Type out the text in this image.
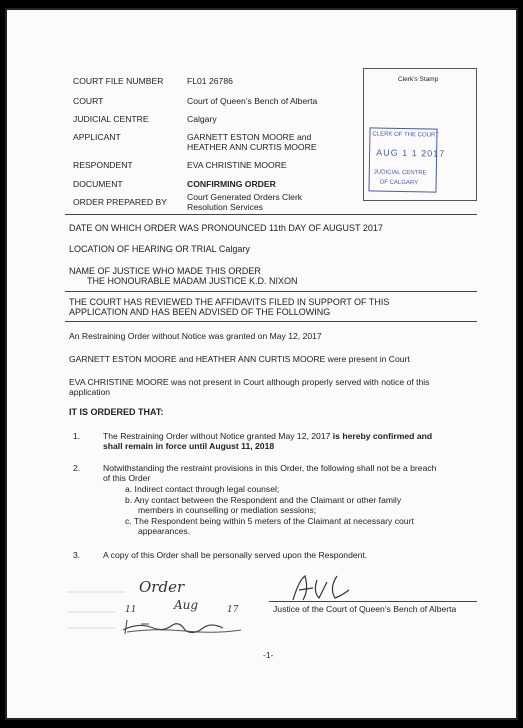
COURT FILE NUMBER	FL01 26786
COURT	Court of Queen’s Bench of Alberta
JUDICIAL CENTRE	Calgary
APPLICANT	GARNETT ESTON MOORE and
HEATHER ANN CURTIS MOORE
RESPONDENT	EVA CHRISTINE MOORE
DOCUMENT	CONFIRMING ORDER
ORDER PREPARED BY Court Generated Orders Clerk
Resolution Services
Clerk’s Stamp
CLERK OF THE COURT
AUG 1 1 2017
JUDICIAL CENTRE
OF CALGARY
DATE ON WHICH ORDER WAS PRONOUNCED 11th DAY OF AUGUST 2017
LOCATION OF HEARING OR TRIAL Calgary
NAME OF JUSTICE WHO MADE THIS ORDER
THE HONOURABLE MADAM JUSTICE K.D. NIXON
THE COURT HAS REVIEWED THE AFFIDAVITS FILED IN SUPPORT OF THIS
APPLICATION AND HAS BEEN ADVISED OF THE FOLLOWING
An Restraining Order without Notice was granted on May 12, 2017
GARNETT ESTON MOORE and HEATHER ANN CURTIS MOORE were present in Court
EVA CHRISTINE MOORE was not present in Court although properly served with notice of this
application
IT IS ORDERED THAT:
1.	The Restraining Order without Notice granted May 12, 2017 is hereby confirmed and
shall remain in force until August 11, 2018
2.	Notwithstanding the restraint provisions in this Order, the following shall not be a breach
of this Order
a. Indirect contact through legal counsel;
b. Any contact between the Respondent and the Claimant or other family
members in counselling or mediation sessions;
c. The Respondent being within 5 meters of the Claimant at necessary court
appearances.
3.	A copy of this Order shall be personally served upon the Respondent.
Order
11	Aug	17	Justice of the Court of Queen’s Bench of Alberta
-1-
